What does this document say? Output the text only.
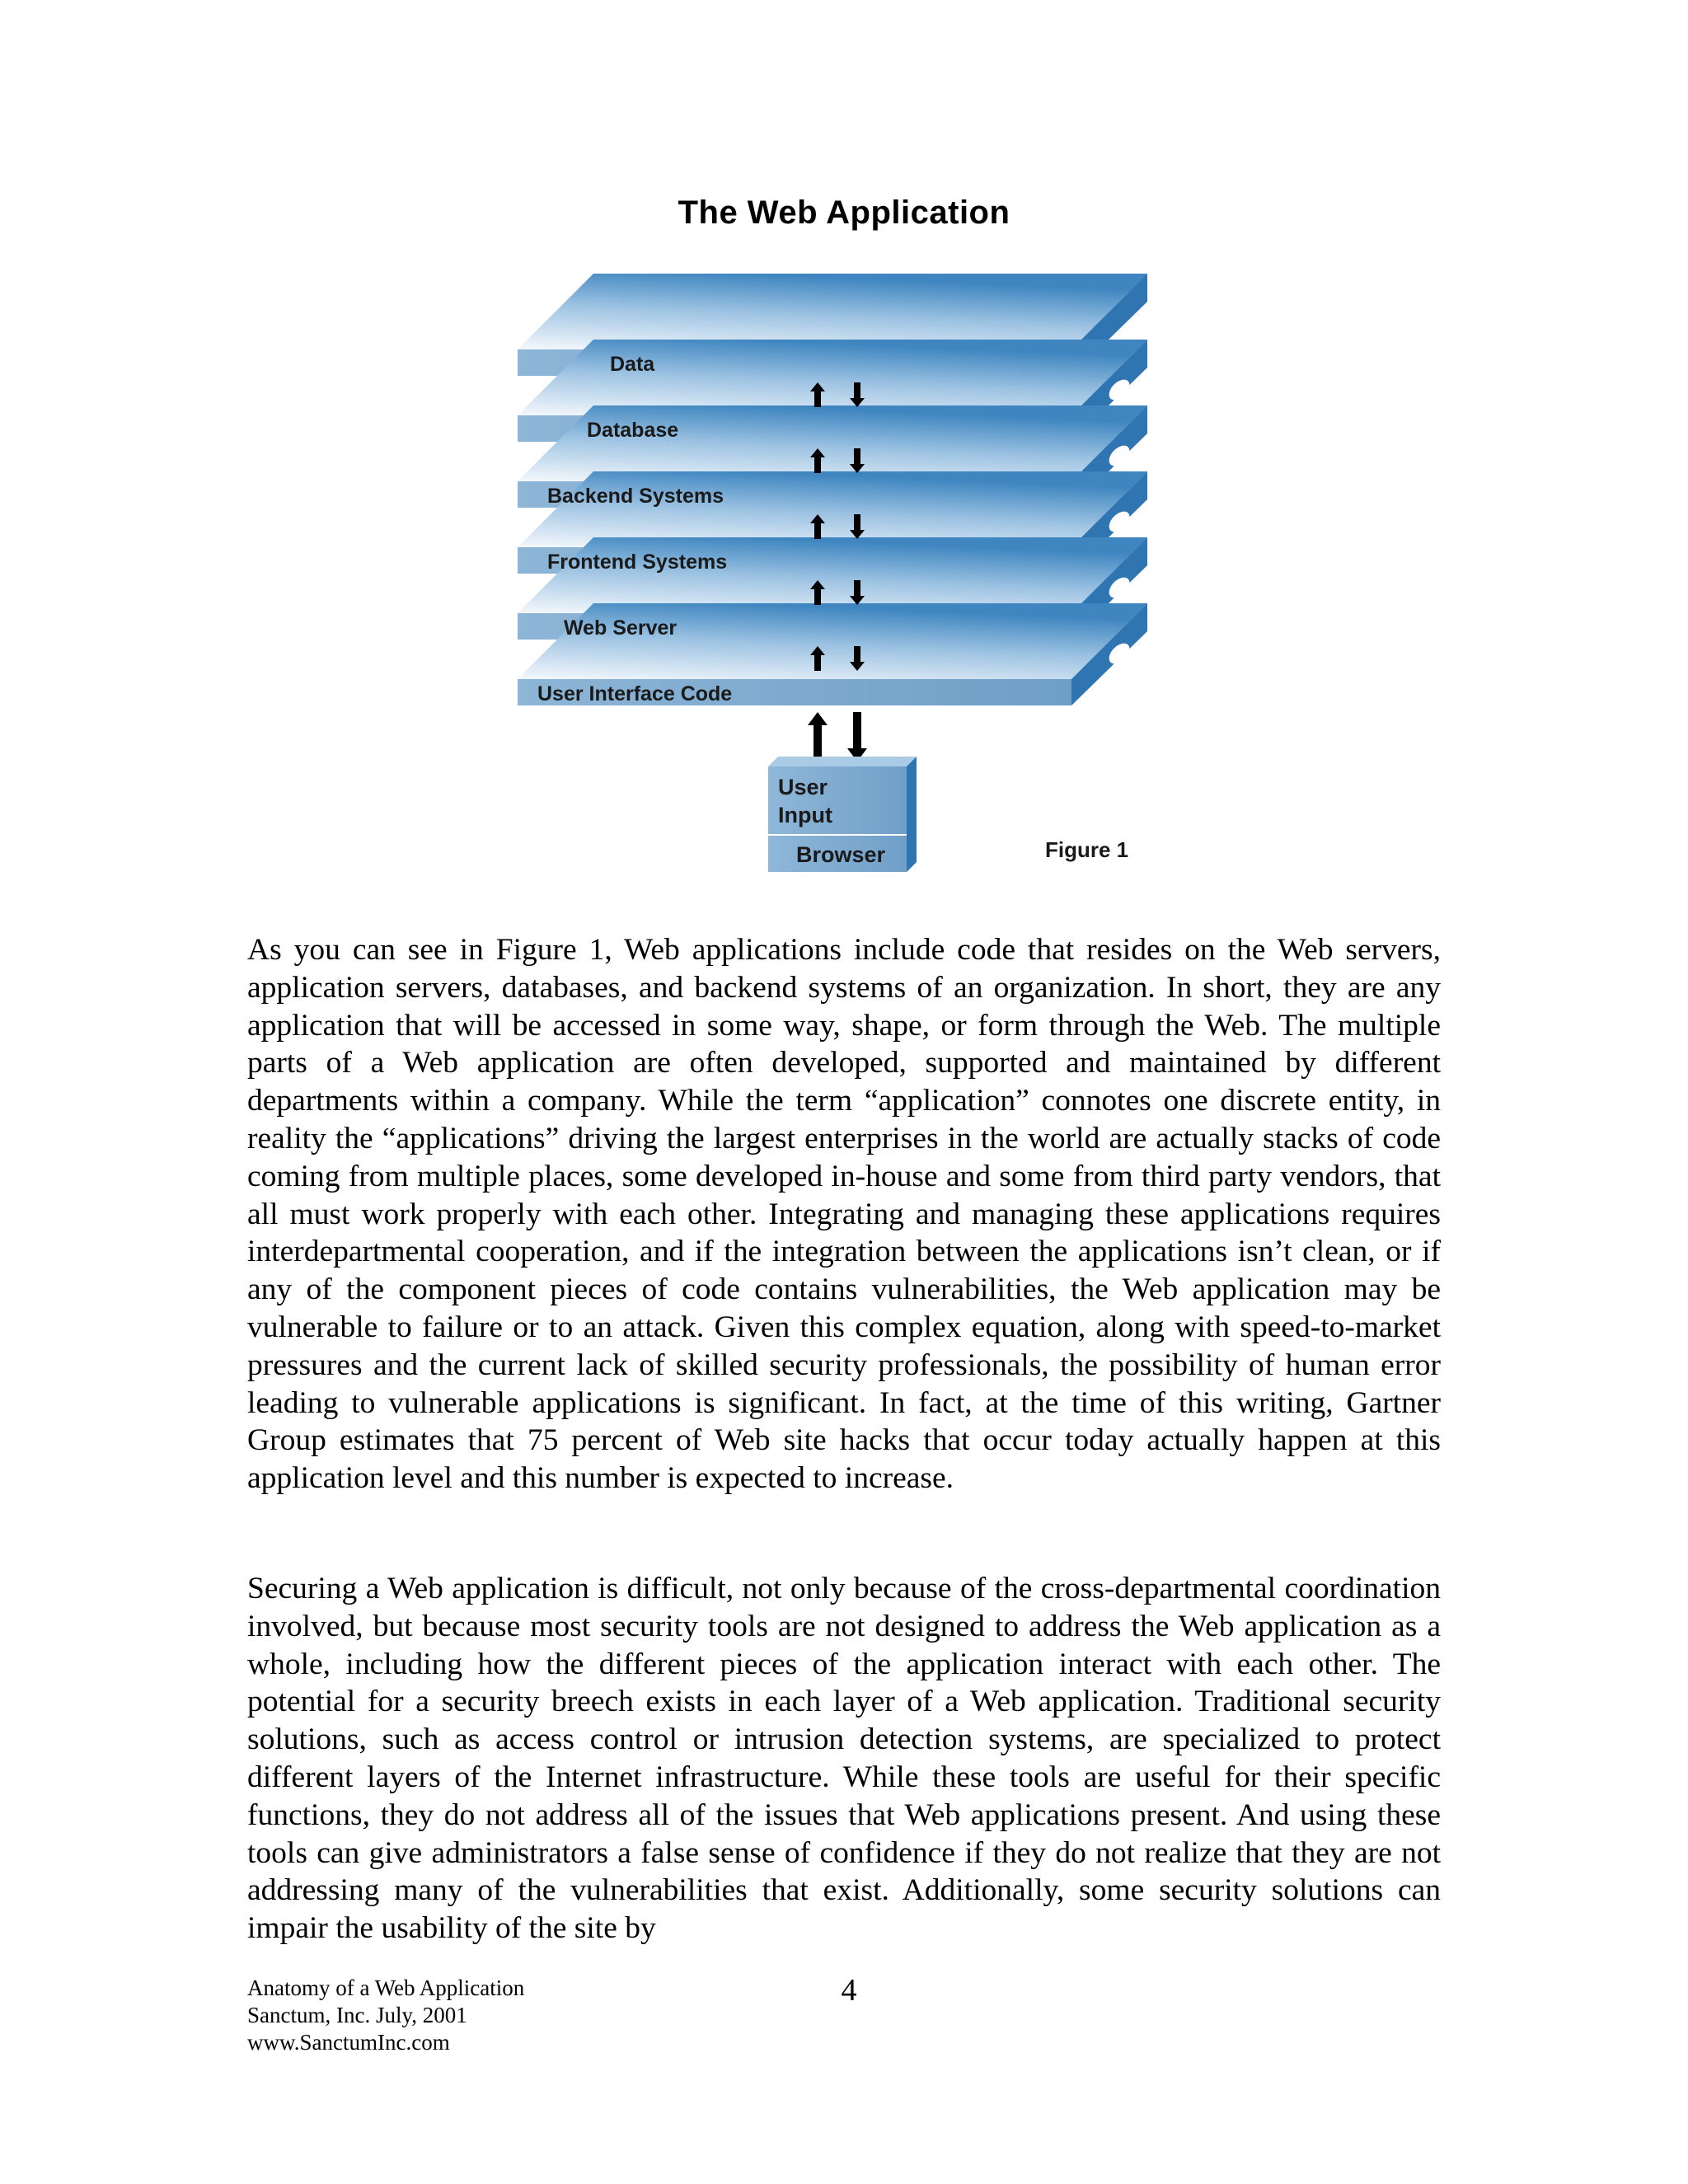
The Web Application
Data
Database
Backend Systems
Frontend Systems
Web Server
User Interface Code
User
Input
Browser	Figure 1

As you can see in Figure 1, Web applications include code that resides on the Web servers, application servers, databases, and backend systems of an organization. In short, they are any application that will be accessed in some way, shape, or form through the Web. The multiple parts of a Web application are often developed, supported and maintained by different departments within a company. While the term “application” connotes one discrete entity, in reality the “applications” driving the largest enterprises in the world are actually stacks of code coming from multiple places, some developed in-house and some from third party vendors, that all must work properly with each other. Integrating and managing these applications requires interdepartmental cooperation, and if the integration between the applications isn’t clean, or if any of the component pieces of code contains vulnerabilities, the Web application may be vulnerable to failure or to an attack. Given this complex equation, along with speed-to-market pressures and the current lack of skilled security professionals, the possibility of human error leading to vulnerable applications is significant. In fact, at the time of this writing, Gartner Group estimates that 75 percent of Web site hacks that occur today actually happen at this application level and this number is expected to increase.

Securing a Web application is difficult, not only because of the cross-departmental coordination involved, but because most security tools are not designed to address the Web application as a whole, including how the different pieces of the application interact with each other. The potential for a security breech exists in each layer of a Web application. Traditional security solutions, such as access control or intrusion detection systems, are specialized to protect different layers of the Internet infrastructure. While these tools are useful for their specific functions, they do not address all of the issues that Web applications present. And using these tools can give administrators a false sense of confidence if they do not realize that they are not addressing many of the vulnerabilities that exist. Additionally, some security solutions can impair the usability of the site by

Anatomy of a Web Application
Sanctum, Inc. July, 2001
www.SanctumInc.com
4
